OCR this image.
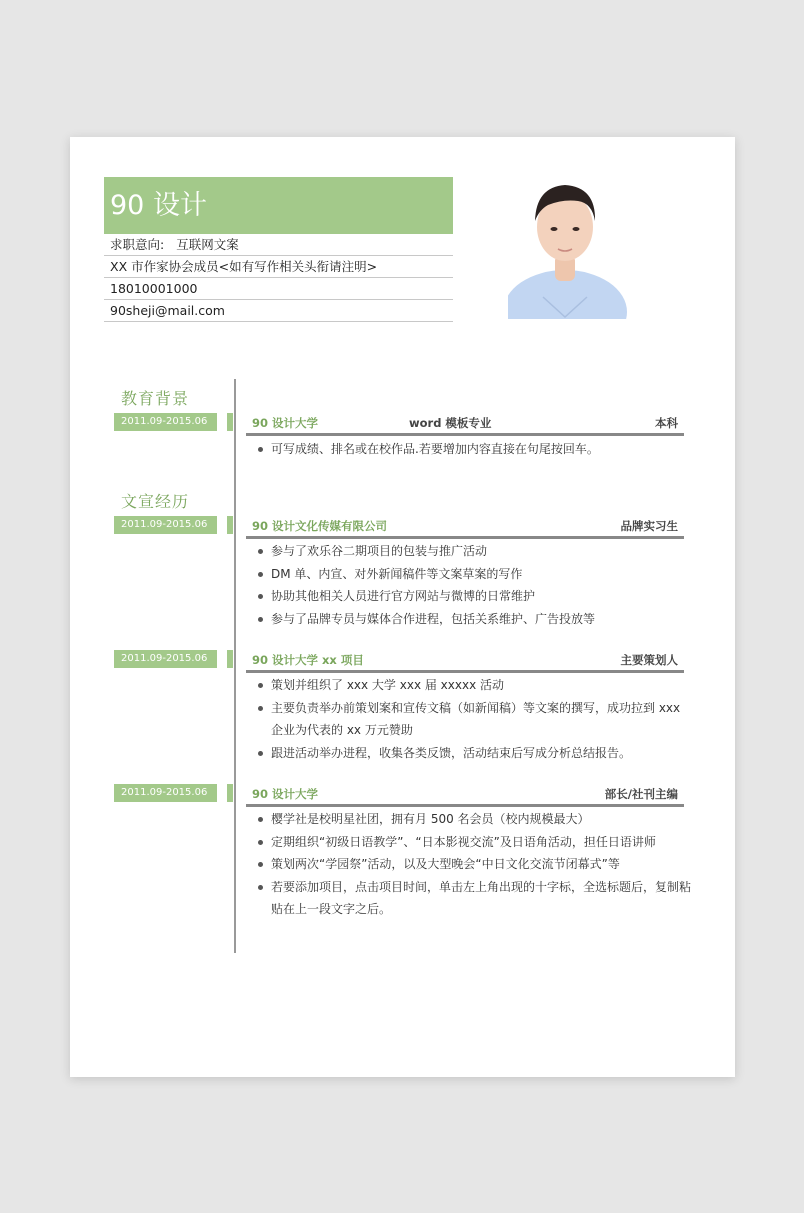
90 设计
求职意向: 互联网文案
XX 市作家协会成员<如有写作相关头衔请注明>
18010001000
90sheji@mail.com
教育背景
2011.09-2015.06	90 设计大学	word 模板专业	本科
可写成绩、排名或在校作品.若要增加内容直接在句尾按回车。
文宣经历
2011.09-2015.06	90 设计文化传媒有限公司	品牌实习生
参与了欢乐谷二期项目的包装与推广活动
DM 单、内宣、对外新闻稿件等文案草案的写作
协助其他相关人员进行官方网站与微博的日常维护
参与了品牌专员与媒体合作进程，包括关系维护、广告投放等
2011.09-2015.06	90 设计大学 xx 项目	主要策划人
策划并组织了 xxx 大学 xxx 届 xxxxx 活动
主要负责举办前策划案和宣传文稿（如新闻稿）等文案的撰写，成功拉到 xxx 企业为代表的 xx 万元赞助
跟进活动举办进程，收集各类反馈，活动结束后写成分析总结报告。
2011.09-2015.06	90 设计大学	部长/社刊主编
樱学社是校明星社团，拥有月 500 名会员（校内规模最大）
定期组织“初级日语教学”、“日本影视交流”及日语角活动，担任日语讲师
策划两次“学园祭”活动，以及大型晚会“中日文化交流节闭幕式”等
若要添加项目，点击项目时间，单击左上角出现的十字标，全选标题后，复制粘贴在上一段文字之后。
